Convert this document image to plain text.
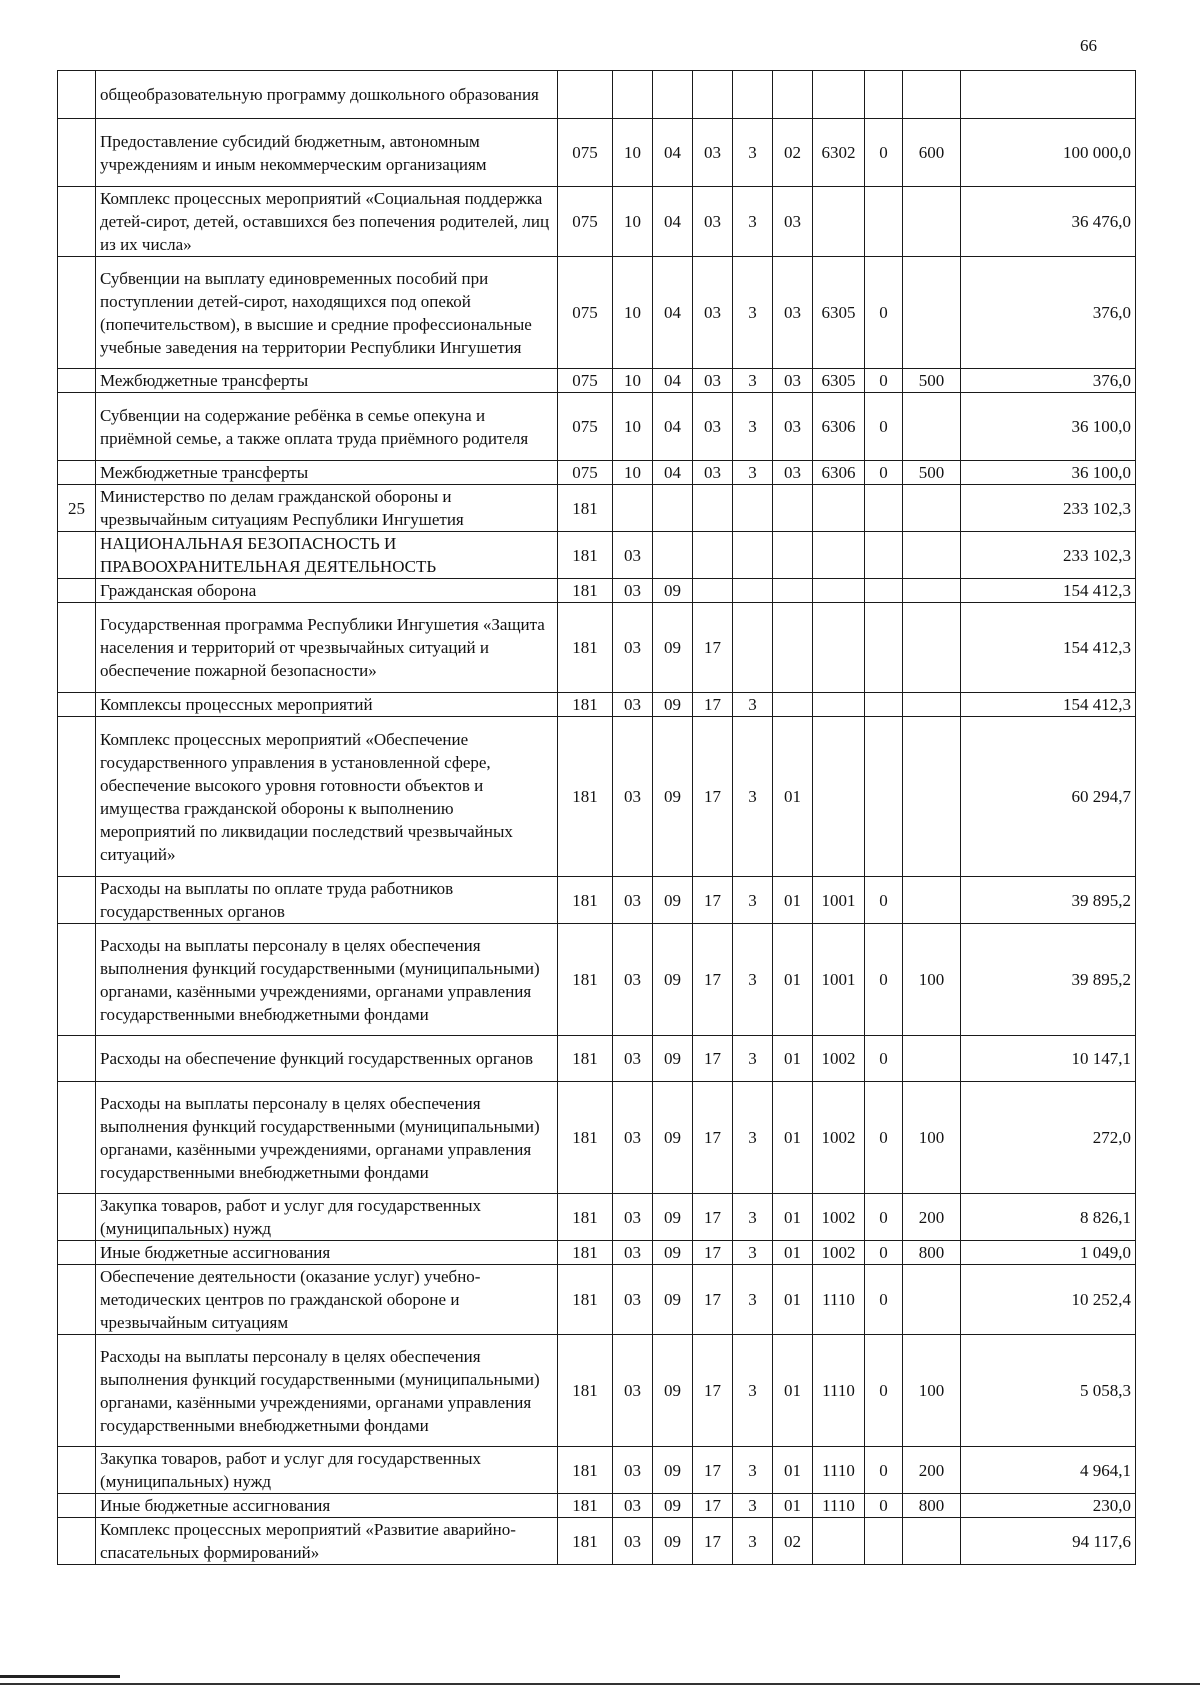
66
	общеобразовательную программу дошкольного образования										
	Предоставление субсидий бюджетным, автономным учреждениям и иным некоммерческим организациям	075	10	04	03	3	02	6302	0	600	100 000,0
	Комплекс процессных мероприятий «Социальная поддержка детей-сирот, детей, оставшихся без попечения родителей, лиц из их числа»	075	10	04	03	3	03				36 476,0
	Субвенции на выплату единовременных пособий при поступлении детей-сирот, находящихся под опекой (попечительством), в высшие и средние профессиональные учебные заведения на территории Республики Ингушетия	075	10	04	03	3	03	6305	0		376,0
	Межбюджетные трансферты	075	10	04	03	3	03	6305	0	500	376,0
	Субвенции на содержание ребёнка в семье опекуна и приёмной семье, а также оплата труда приёмного родителя	075	10	04	03	3	03	6306	0		36 100,0
	Межбюджетные трансферты	075	10	04	03	3	03	6306	0	500	36 100,0
25	Министерство по делам гражданской обороны и чрезвычайным ситуациям Республики Ингушетия	181									233 102,3
	НАЦИОНАЛЬНАЯ БЕЗОПАСНОСТЬ И ПРАВООХРАНИТЕЛЬНАЯ ДЕЯТЕЛЬНОСТЬ	181	03								233 102,3
	Гражданская оборона	181	03	09							154 412,3
	Государственная программа Республики Ингушетия «Защита населения и территорий от чрезвычайных ситуаций и обеспечение пожарной безопасности»	181	03	09	17						154 412,3
	Комплексы процессных мероприятий	181	03	09	17	3					154 412,3
	Комплекс процессных мероприятий «Обеспечение государственного управления в установленной сфере, обеспечение высокого уровня готовности объектов и имущества гражданской обороны к выполнению мероприятий по ликвидации последствий чрезвычайных ситуаций»	181	03	09	17	3	01				60 294,7
	Расходы на выплаты по оплате труда работников государственных органов	181	03	09	17	3	01	1001	0		39 895,2
	Расходы на выплаты персоналу в целях обеспечения выполнения функций государственными (муниципальными) органами, казёнными учреждениями, органами управления государственными внебюджетными фондами	181	03	09	17	3	01	1001	0	100	39 895,2
	Расходы на обеспечение функций государственных органов	181	03	09	17	3	01	1002	0		10 147,1
	Расходы на выплаты персоналу в целях обеспечения выполнения функций государственными (муниципальными) органами, казёнными учреждениями, органами управления государственными внебюджетными фондами	181	03	09	17	3	01	1002	0	100	272,0
	Закупка товаров, работ и услуг для государственных (муниципальных) нужд	181	03	09	17	3	01	1002	0	200	8 826,1
	Иные бюджетные ассигнования	181	03	09	17	3	01	1002	0	800	1 049,0
	Обеспечение деятельности (оказание услуг) учебно-методических центров по гражданской обороне и чрезвычайным ситуациям	181	03	09	17	3	01	1110	0		10 252,4
	Расходы на выплаты персоналу в целях обеспечения выполнения функций государственными (муниципальными) органами, казёнными учреждениями, органами управления государственными внебюджетными фондами	181	03	09	17	3	01	1110	0	100	5 058,3
	Закупка товаров, работ и услуг для государственных (муниципальных) нужд	181	03	09	17	3	01	1110	0	200	4 964,1
	Иные бюджетные ассигнования	181	03	09	17	3	01	1110	0	800	230,0
	Комплекс процессных мероприятий «Развитие аварийно-спасательных формирований»	181	03	09	17	3	02				94 117,6
